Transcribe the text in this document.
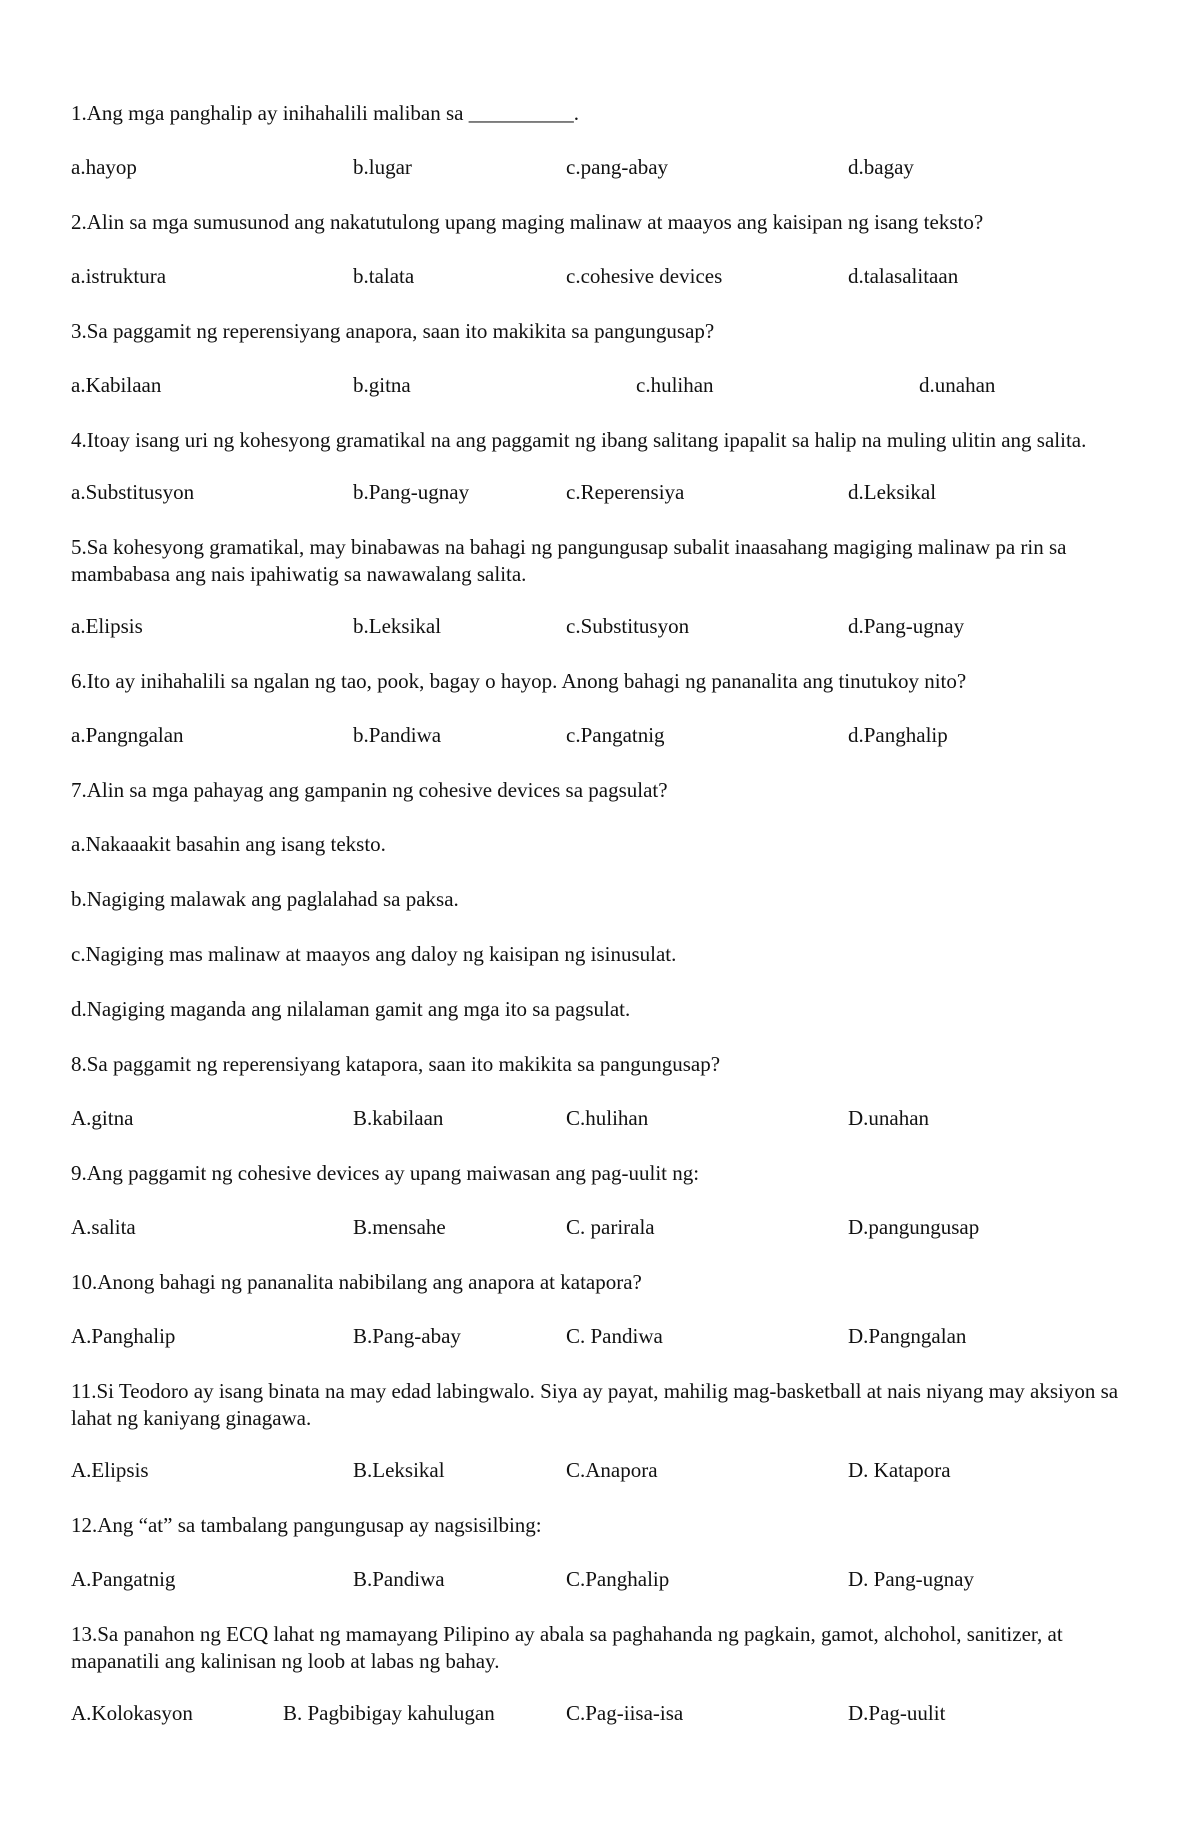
1.Ang mga panghalip ay inihahalili maliban sa __________.
a.hayop	b.lugar	c.pang-abay	d.bagay
2.Alin sa mga sumusunod ang nakatutulong upang maging malinaw at maayos ang kaisipan ng isang teksto?
a.istruktura	b.talata	c.cohesive devices	d.talasalitaan
3.Sa paggamit ng reperensiyang anapora, saan ito makikita sa pangungusap?
a.Kabilaan	b.gitna	c.hulihan	d.unahan
4.Itoay isang uri ng kohesyong gramatikal na ang paggamit ng ibang salitang ipapalit sa halip na muling ulitin ang salita.
a.Substitusyon	b.Pang-ugnay	c.Reperensiya	d.Leksikal
5.Sa kohesyong gramatikal, may binabawas na bahagi ng pangungusap subalit inaasahang magiging malinaw pa rin sa mambabasa ang nais ipahiwatig sa nawawalang salita.
a.Elipsis	b.Leksikal	c.Substitusyon	d.Pang-ugnay
6.Ito ay inihahalili sa ngalan ng tao, pook, bagay o hayop. Anong bahagi ng pananalita ang tinutukoy nito?
a.Pangngalan	b.Pandiwa	c.Pangatnig	d.Panghalip
7.Alin sa mga pahayag ang gampanin ng cohesive devices sa pagsulat?
a.Nakaaakit basahin ang isang teksto.
b.Nagiging malawak ang paglalahad sa paksa.
c.Nagiging mas malinaw at maayos ang daloy ng kaisipan ng isinusulat.
d.Nagiging maganda ang nilalaman gamit ang mga ito sa pagsulat.
8.Sa paggamit ng reperensiyang katapora, saan ito makikita sa pangungusap?
A.gitna	B.kabilaan	C.hulihan	D.unahan
9.Ang paggamit ng cohesive devices ay upang maiwasan ang pag-uulit ng:
A.salita	B.mensahe	C. parirala	D.pangungusap
10.Anong bahagi ng pananalita nabibilang ang anapora at katapora?
A.Panghalip	B.Pang-abay	C. Pandiwa	D.Pangngalan
11.Si Teodoro ay isang binata na may edad labingwalo. Siya ay payat, mahilig mag-basketball at nais niyang may aksiyon sa lahat ng kaniyang ginagawa.
A.Elipsis	B.Leksikal	C.Anapora	D. Katapora
12.Ang “at” sa tambalang pangungusap ay nagsisilbing:
A.Pangatnig	B.Pandiwa	C.Panghalip	D. Pang-ugnay
13.Sa panahon ng ECQ lahat ng mamayang Pilipino ay abala sa paghahanda ng pagkain, gamot, alchohol, sanitizer, at mapanatili ang kalinisan ng loob at labas ng bahay.
A.Kolokasyon	B. Pagbibigay kahulugan	C.Pag-iisa-isa	D.Pag-uulit
